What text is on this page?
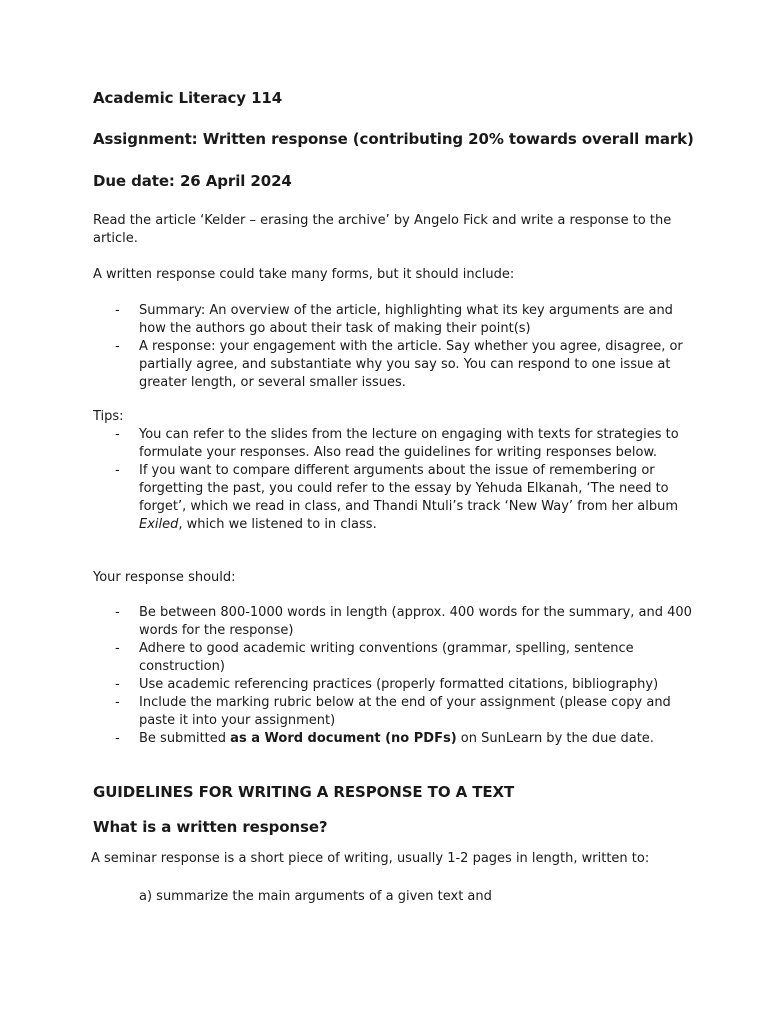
Academic Literacy 114
Assignment: Written response (contributing 20% towards overall mark)
Due date: 26 April 2024
Read the article ‘Kelder – erasing the archive’ by Angelo Fick and write a response to the
article.
A written response could take many forms, but it should include:
- Summary: An overview of the article, highlighting what its key arguments are and
how the authors go about their task of making their point(s)
- A response: your engagement with the article. Say whether you agree, disagree, or
partially agree, and substantiate why you say so. You can respond to one issue at
greater length, or several smaller issues.
Tips:
- You can refer to the slides from the lecture on engaging with texts for strategies to
formulate your responses. Also read the guidelines for writing responses below.
- If you want to compare different arguments about the issue of remembering or
forgetting the past, you could refer to the essay by Yehuda Elkanah, ‘The need to
forget’, which we read in class, and Thandi Ntuli’s track ‘New Way’ from her album
Exiled, which we listened to in class.
Your response should:
- Be between 800-1000 words in length (approx. 400 words for the summary, and 400
words for the response)
- Adhere to good academic writing conventions (grammar, spelling, sentence
construction)
- Use academic referencing practices (properly formatted citations, bibliography)
- Include the marking rubric below at the end of your assignment (please copy and
paste it into your assignment)
- Be submitted as a Word document (no PDFs) on SunLearn by the due date.
GUIDELINES FOR WRITING A RESPONSE TO A TEXT
What is a written response?
A seminar response is a short piece of writing, usually 1-2 pages in length, written to:
a) summarize the main arguments of a given text and
